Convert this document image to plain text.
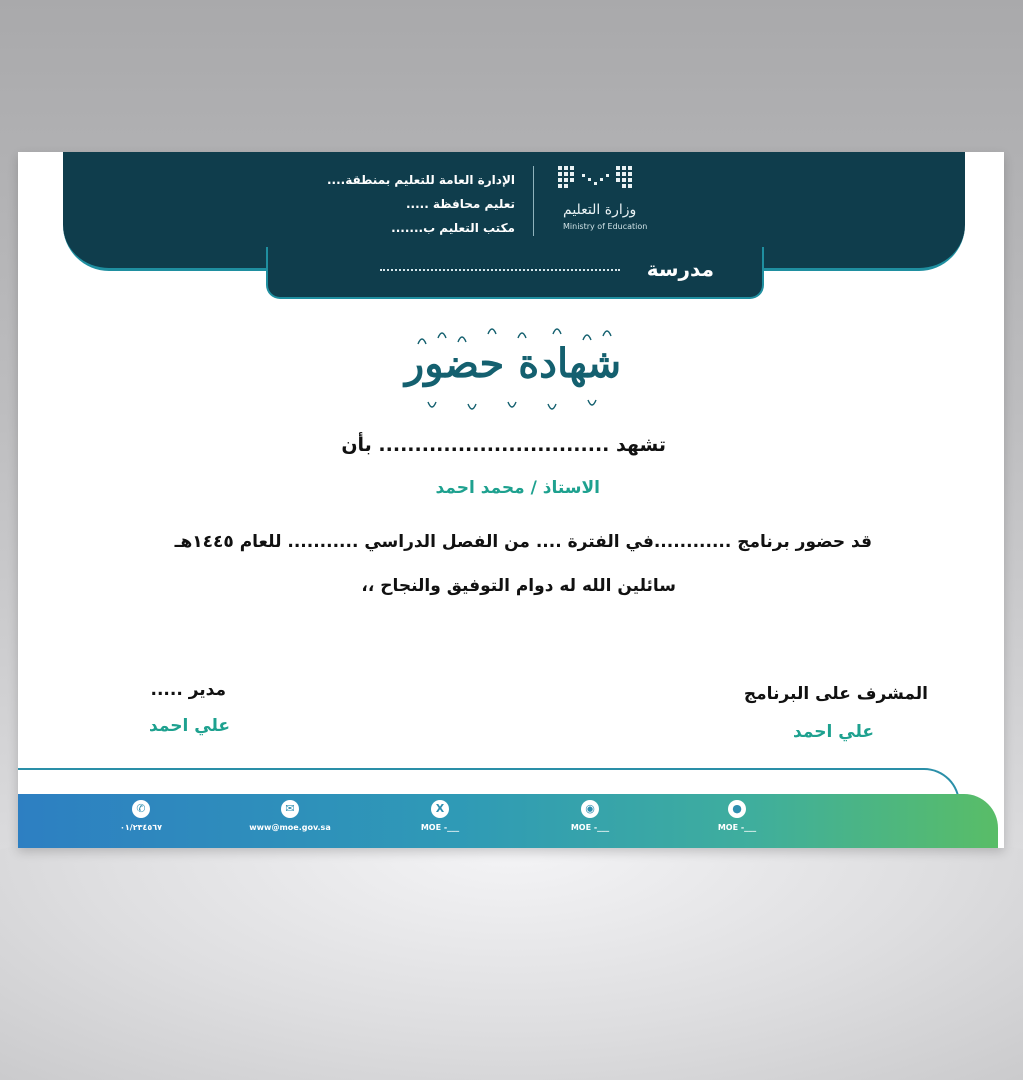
وزارة التعليم
Ministry of Education
الإدارة العامة للتعليم بمنطقة....
تعليم محافظة .....
مكتب التعليم ب.......
مدرسة
شهادة حضور
تشهد ................................ بأن
الاستاذ / محمد احمد
قد حضور برنامج ............في الفترة .... من الفصل الدراسي ........... للعام ١٤٤٥هـ
سائلين الله له دوام التوفيق والنجاح ،،
المشرف على البرنامج
علي احمد
مدير .....
علي احمد
●
MOE -___
◉
MOE -___
X
MOE -___
✉
www@moe.gov.sa
✆
٠١/٢٣٤٥٦٧
